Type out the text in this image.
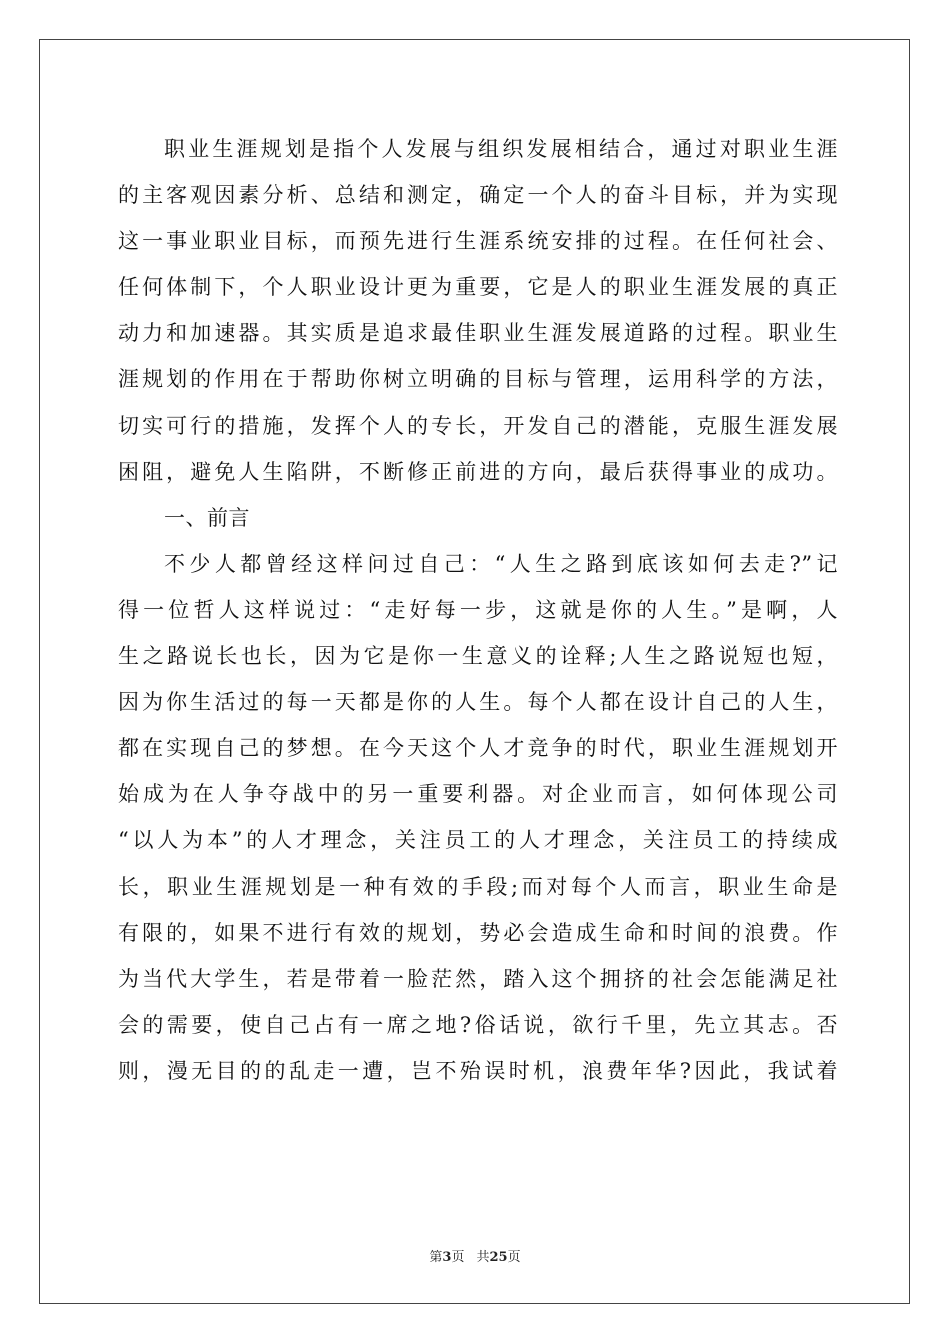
职业生涯规划是指个人发展与组织发展相结合，通过对职业生涯
的主客观因素分析、总结和测定，确定一个人的奋斗目标，并为实现
这一事业职业目标，而预先进行生涯系统安排的过程。在任何社会、
任何体制下，个人职业设计更为重要，它是人的职业生涯发展的真正
动力和加速器。其实质是追求最佳职业生涯发展道路的过程。职业生
涯规划的作用在于帮助你树立明确的目标与管理，运用科学的方法，
切实可行的措施，发挥个人的专长，开发自己的潜能，克服生涯发展
困阻，避免人生陷阱，不断修正前进的方向，最后获得事业的成功。
一、前言
不少人都曾经这样问过自己：“人生之路到底该如何去走?”记
得一位哲人这样说过：“走好每一步，这就是你的人生。”是啊，人
生之路说长也长，因为它是你一生意义的诠释;人生之路说短也短，
因为你生活过的每一天都是你的人生。每个人都在设计自己的人生，
都在实现自己的梦想。在今天这个人才竞争的时代，职业生涯规划开
始成为在人争夺战中的另一重要利器。对企业而言，如何体现公司
“以人为本”的人才理念，关注员工的人才理念，关注员工的持续成
长，职业生涯规划是一种有效的手段;而对每个人而言，职业生命是
有限的，如果不进行有效的规划，势必会造成生命和时间的浪费。作
为当代大学生，若是带着一脸茫然，踏入这个拥挤的社会怎能满足社
会的需要，使自己占有一席之地?俗话说，欲行千里，先立其志。否
则，漫无目的的乱走一遭，岂不殆误时机，浪费年华?因此，我试着
第3页 共25页
